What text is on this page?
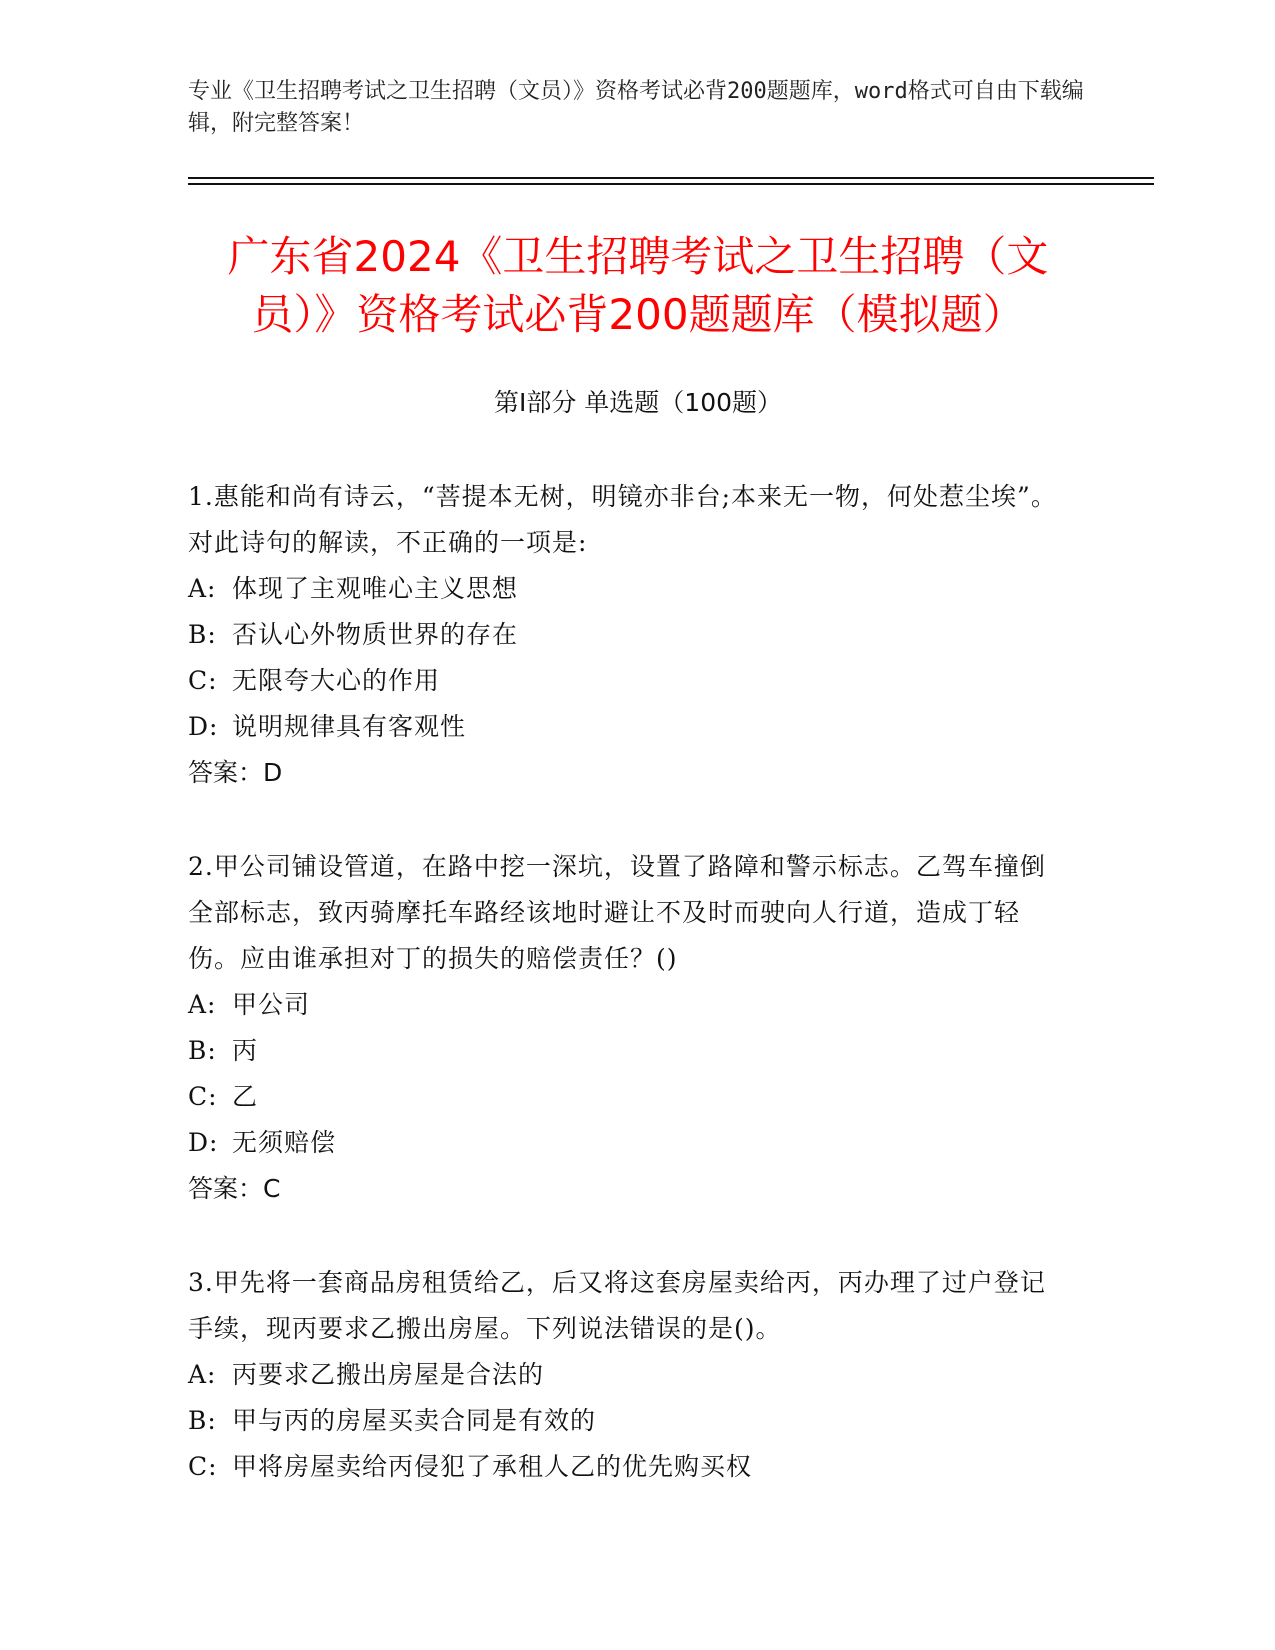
专业《卫生招聘考试之卫生招聘（文员）》资格考试必背200题题库，word格式可自由下载编辑，附完整答案！
广东省2024《卫生招聘考试之卫生招聘（文员）》资格考试必背200题题库（模拟题）
第Ⅰ部分 单选题（100题）

1.惠能和尚有诗云，“菩提本无树，明镜亦非台;本来无一物，何处惹尘埃”。对此诗句的解读，不正确的一项是:

A: 体现了主观唯心主义思想

B: 否认心外物质世界的存在

C: 无限夸大心的作用

D: 说明规律具有客观性

答案：D

2.甲公司铺设管道，在路中挖一深坑，设置了路障和警示标志。乙驾车撞倒全部标志，致丙骑摩托车路经该地时避让不及时而驶向人行道，造成丁轻伤。应由谁承担对丁的损失的赔偿责任？()

A: 甲公司

B: 丙

C: 乙

D: 无须赔偿

答案：C

3.甲先将一套商品房租赁给乙，后又将这套房屋卖给丙，丙办理了过户登记手续，现丙要求乙搬出房屋。下列说法错误的是()。

A: 丙要求乙搬出房屋是合法的

B: 甲与丙的房屋买卖合同是有效的

C: 甲将房屋卖给丙侵犯了承租人乙的优先购买权
